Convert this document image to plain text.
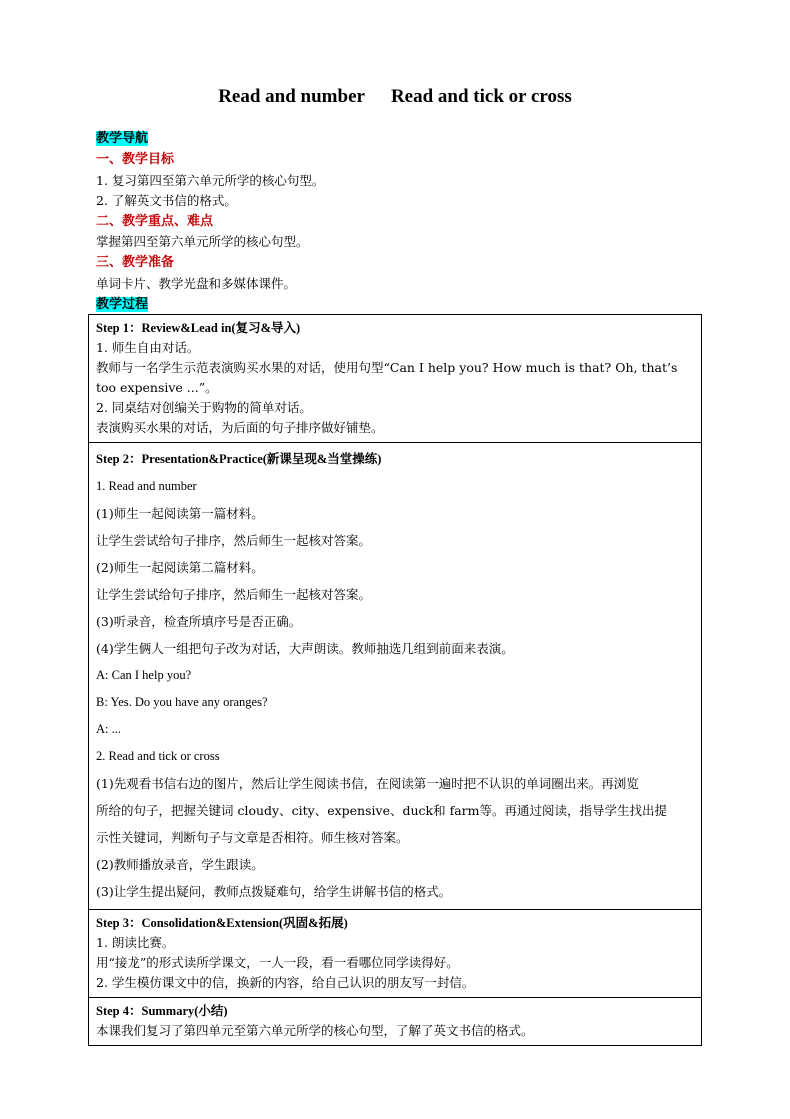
Read and number Read and tick or cross
教学导航
一、教学目标
1. 复习第四至第六单元所学的核心句型。
2. 了解英文书信的格式。
二、教学重点、难点
掌握第四至第六单元所学的核心句型。
三、教学准备
单词卡片、教学光盘和多媒体课件。
教学过程
Step 1：Review&Lead in(复习&导入)
1. 师生自由对话。
教师与一名学生示范表演购买水果的对话，使用句型“Can I help you? How much is that? Oh, that’s
too expensive ...”。
2. 同桌结对创编关于购物的简单对话。
表演购买水果的对话，为后面的句子排序做好铺垫。

Step 2：Presentation&Practice(新课呈现&当堂操练)
1. Read and number
(1)师生一起阅读第一篇材料。
让学生尝试给句子排序，然后师生一起核对答案。
(2)师生一起阅读第二篇材料。
让学生尝试给句子排序，然后师生一起核对答案。
(3)听录音，检查所填序号是否正确。
(4)学生俩人一组把句子改为对话，大声朗读。教师抽选几组到前面来表演。
A: Can I help you?
B: Yes. Do you have any oranges?
A: ...
2. Read and tick or cross
(1)先观看书信右边的图片，然后让学生阅读书信，在阅读第一遍时把不认识的单词圈出来。再浏览
所给的句子，把握关键词 cloudy、city、expensive、duck和 farm等。再通过阅读，指导学生找出提
示性关键词，判断句子与文章是否相符。师生核对答案。
(2)教师播放录音，学生跟读。
(3)让学生提出疑问，教师点拨疑难句，给学生讲解书信的格式。

Step 3：Consolidation&Extension(巩固&拓展)
1. 朗读比赛。
用“接龙”的形式读所学课文，一人一段，看一看哪位同学读得好。
2. 学生模仿课文中的信，换新的内容，给自己认识的朋友写一封信。

Step 4：Summary(小结)
本课我们复习了第四单元至第六单元所学的核心句型，了解了英文书信的格式。
